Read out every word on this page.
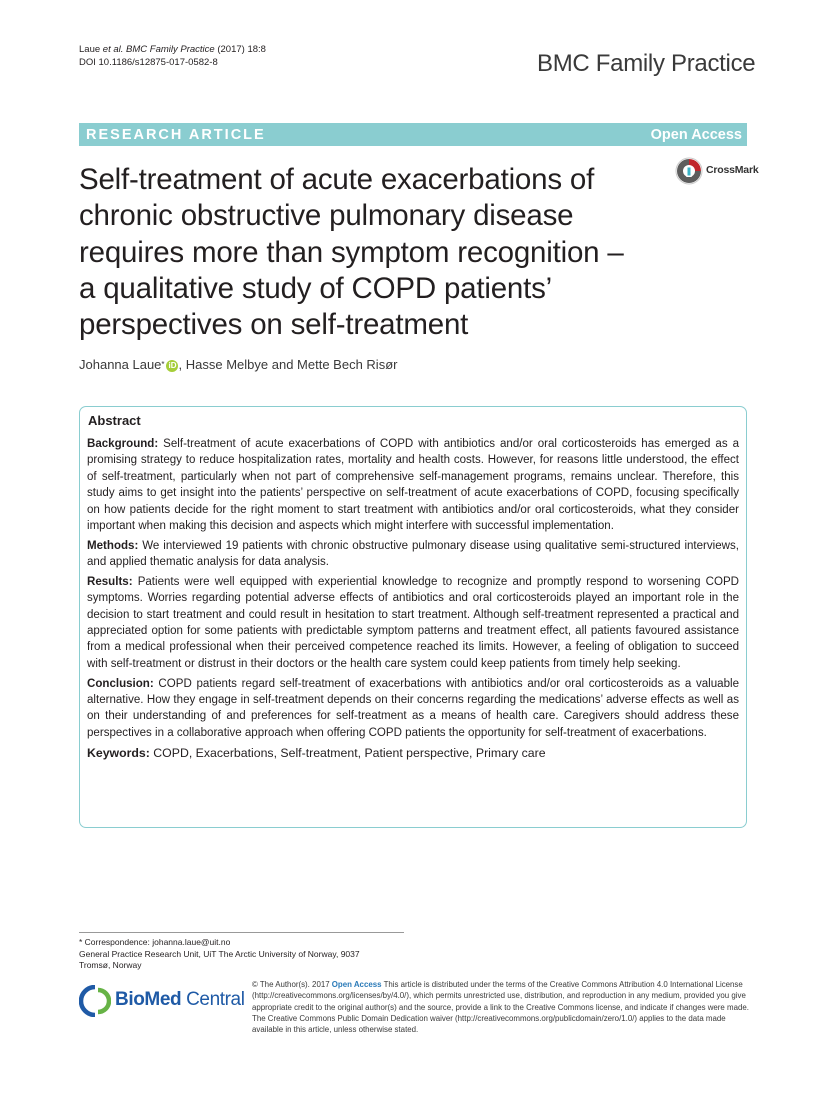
Laue et al. BMC Family Practice (2017) 18:8
DOI 10.1186/s12875-017-0582-8	BMC Family Practice
RESEARCH ARTICLE	Open Access
CrossMark
Self-treatment of acute exacerbations of
chronic obstructive pulmonary disease
requires more than symptom recognition –
a qualitative study of COPD patients’
perspectives on self-treatment
Johanna Laue * iD , Hasse Melbye and Mette Bech Risør
Abstract

Background: Self-treatment of acute exacerbations of COPD with antibiotics and/or oral corticosteroids has emerged as a promising strategy to reduce hospitalization rates, mortality and health costs. However, for reasons little understood, the effect of self-treatment, particularly when not part of comprehensive self-management programs, remains unclear. Therefore, this study aims to get insight into the patients’ perspective on self-treatment of acute exacerbations of COPD, focusing specifically on how patients decide for the right moment to start treatment with antibiotics and/or oral corticosteroids, what they consider important when making this decision and aspects which might interfere with successful implementation.

Methods: We interviewed 19 patients with chronic obstructive pulmonary disease using qualitative semi-structured interviews, and applied thematic analysis for data analysis.

Results: Patients were well equipped with experiential knowledge to recognize and promptly respond to worsening COPD symptoms. Worries regarding potential adverse effects of antibiotics and oral corticosteroids played an important role in the decision to start treatment and could result in hesitation to start treatment. Although self-treatment represented a practical and appreciated option for some patients with predictable symptom patterns and treatment effect, all patients favoured assistance from a medical professional when their perceived competence reached its limits. However, a feeling of obligation to succeed with self-treatment or distrust in their doctors or the health care system could keep patients from timely help seeking.

Conclusion: COPD patients regard self-treatment of exacerbations with antibiotics and/or oral corticosteroids as a valuable alternative. How they engage in self-treatment depends on their concerns regarding the medications’ adverse effects as well as on their understanding of and preferences for self-treatment as a means of health care. Caregivers should address these perspectives in a collaborative approach when offering COPD patients the opportunity for self-treatment of exacerbations.

Keywords: COPD, Exacerbations, Self-treatment, Patient perspective, Primary care

* Correspondence: johanna.laue@uit.no
General Practice Research Unit, UiT The Arctic University of Norway, 9037
Tromsø, Norway
BioMed Central
© The Author(s). 2017 Open Access This article is distributed under the terms of the Creative Commons Attribution 4.0 International License (http://creativecommons.org/licenses/by/4.0/), which permits unrestricted use, distribution, and reproduction in any medium, provided you give appropriate credit to the original author(s) and the source, provide a link to the Creative Commons license, and indicate if changes were made. The Creative Commons Public Domain Dedication waiver (http://creativecommons.org/publicdomain/zero/1.0/) applies to the data made available in this article, unless otherwise stated.
